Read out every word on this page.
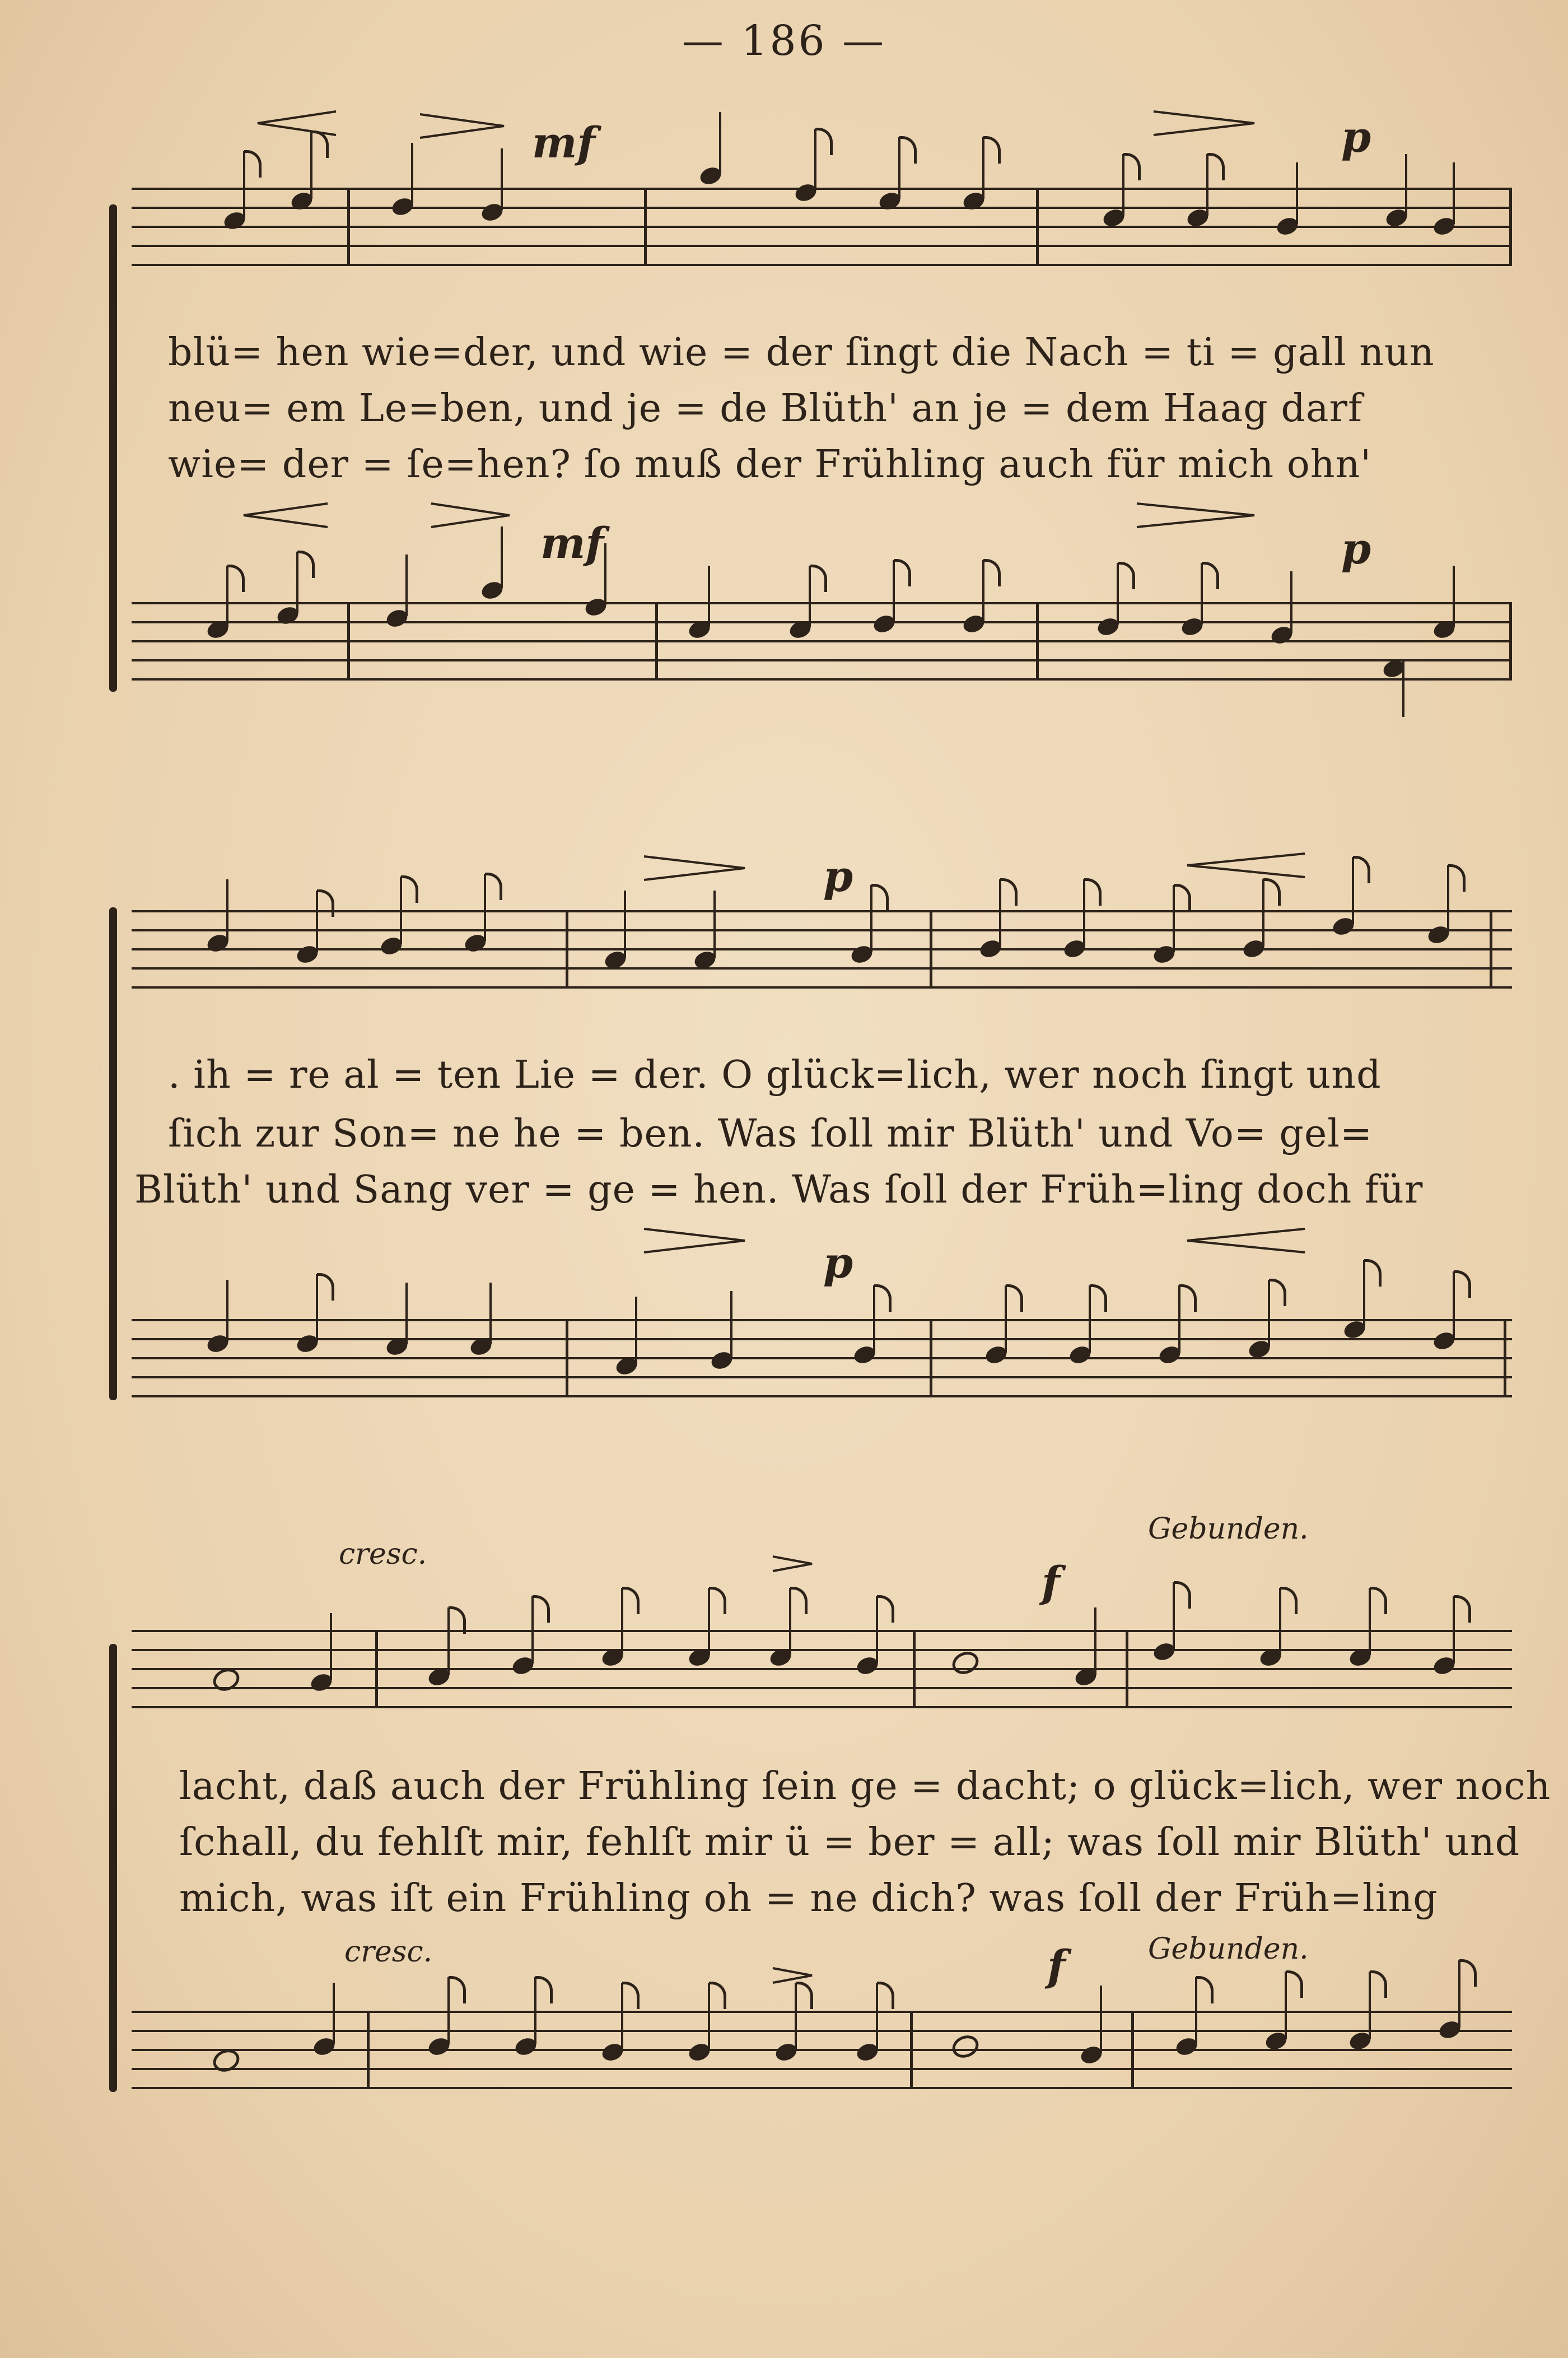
— 186 —
mf	p
blü= hen wie=der, und wie = der ſingt die Nach = ti = gall nun
neu= em Le=ben, und je = de Blüth' an je = dem Haag darf
wie= der = ſe=hen? ſo muß der Frühling auch für mich ohn'
mf	p
p
. ih = re al = ten Lie = der. O glück=lich, wer noch ſingt und
ſich zur Son= ne he = ben. Was ſoll mir Blüth' und Vo= gel=
Blüth' und Sang ver = ge = hen. Was ſoll der Früh=ling doch für
p
cresc.
Gebunden.
f
lacht, daß auch der Frühling ſein ge = dacht; o glück=lich, wer noch
ſchall, du fehlſt mir, fehlſt mir ü = ber = all; was ſoll mir Blüth' und
mich, was iſt ein Frühling oh = ne dich? was ſoll der Früh=ling
cresc.	Gebunden.
f
